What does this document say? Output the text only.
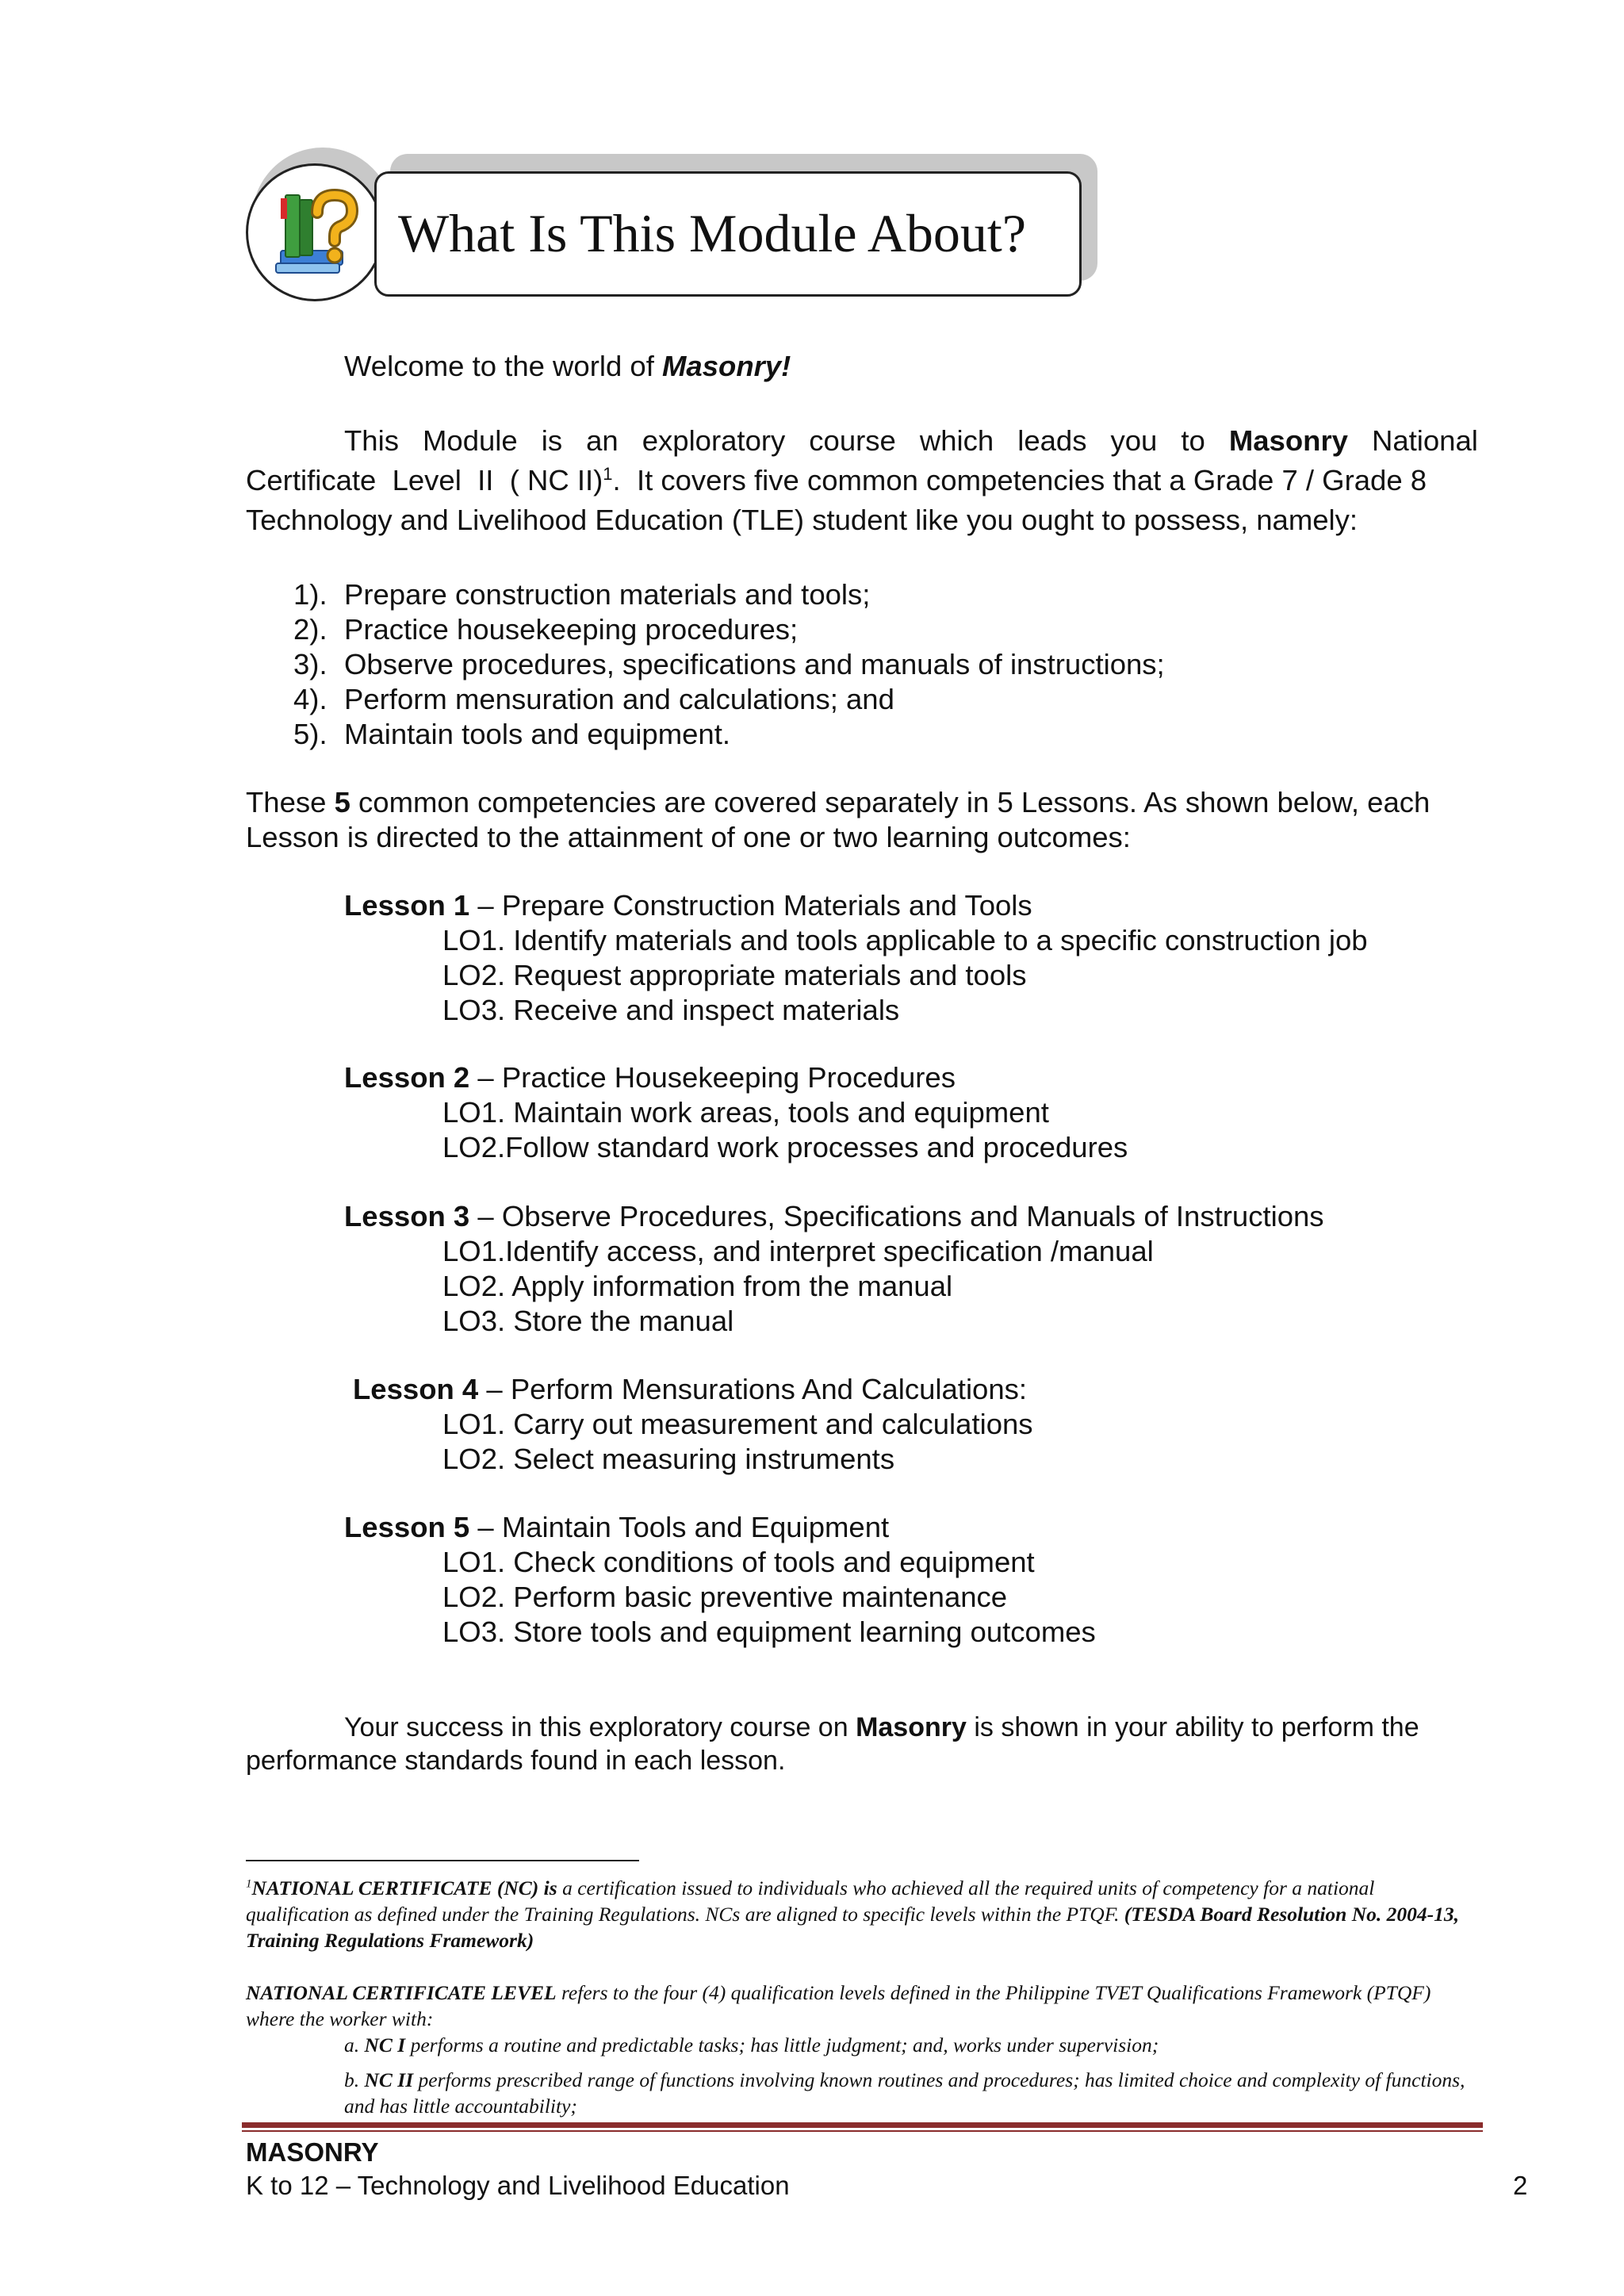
What Is This Module About?
Welcome to the world of Masonry!
This Module is an exploratory course which leads you to Masonry National
Certificate  Level  II  ( NC II)$^1$.  It covers five common competencies that a Grade 7 / Grade 8
Technology and Livelihood Education (TLE) student like you ought to possess, namely:
1). Prepare construction materials and tools;
2). Practice housekeeping procedures;
3). Observe procedures, specifications and manuals of instructions;
4). Perform mensuration and calculations; and
5). Maintain tools and equipment.
These 5 common competencies are covered separately in 5 Lessons. As shown below, each
Lesson is directed to the attainment of one or two learning outcomes:
Lesson 1 – Prepare Construction Materials and Tools
LO1. Identify materials and tools applicable to a specific construction job
LO2. Request appropriate materials and tools
LO3. Receive and inspect materials
Lesson 2 – Practice Housekeeping Procedures
LO1. Maintain work areas, tools and equipment
LO2.Follow standard work processes and procedures
Lesson 3 – Observe Procedures, Specifications and Manuals of Instructions
LO1.Identify access, and interpret specification /manual
LO2. Apply information from the manual
LO3. Store the manual
Lesson 4 – Perform Mensurations And Calculations:
LO1. Carry out measurement and calculations
LO2. Select measuring instruments
Lesson 5 – Maintain Tools and Equipment
LO1. Check conditions of tools and equipment
LO2. Perform basic preventive maintenance
LO3. Store tools and equipment learning outcomes
Your success in this exploratory course on Masonry is shown in your ability to perform the
performance standards found in each lesson.
$^1$NATIONAL CERTIFICATE (NC) is a certification issued to individuals who achieved all the required units of competency for a national qualification as defined under the Training Regulations. NCs are aligned to specific levels within the PTQF. (TESDA Board Resolution No. 2004-13, Training Regulations Framework)
NATIONAL CERTIFICATE LEVEL refers to the four (4) qualification levels defined in the Philippine TVET Qualifications Framework (PTQF) where the worker with:
a. NC I performs a routine and predictable tasks; has little judgment; and, works under supervision;
b. NC II performs prescribed range of functions involving known routines and procedures; has limited choice and complexity of functions, and has little accountability;
MASONRY
K to 12 – Technology and Livelihood Education	2
